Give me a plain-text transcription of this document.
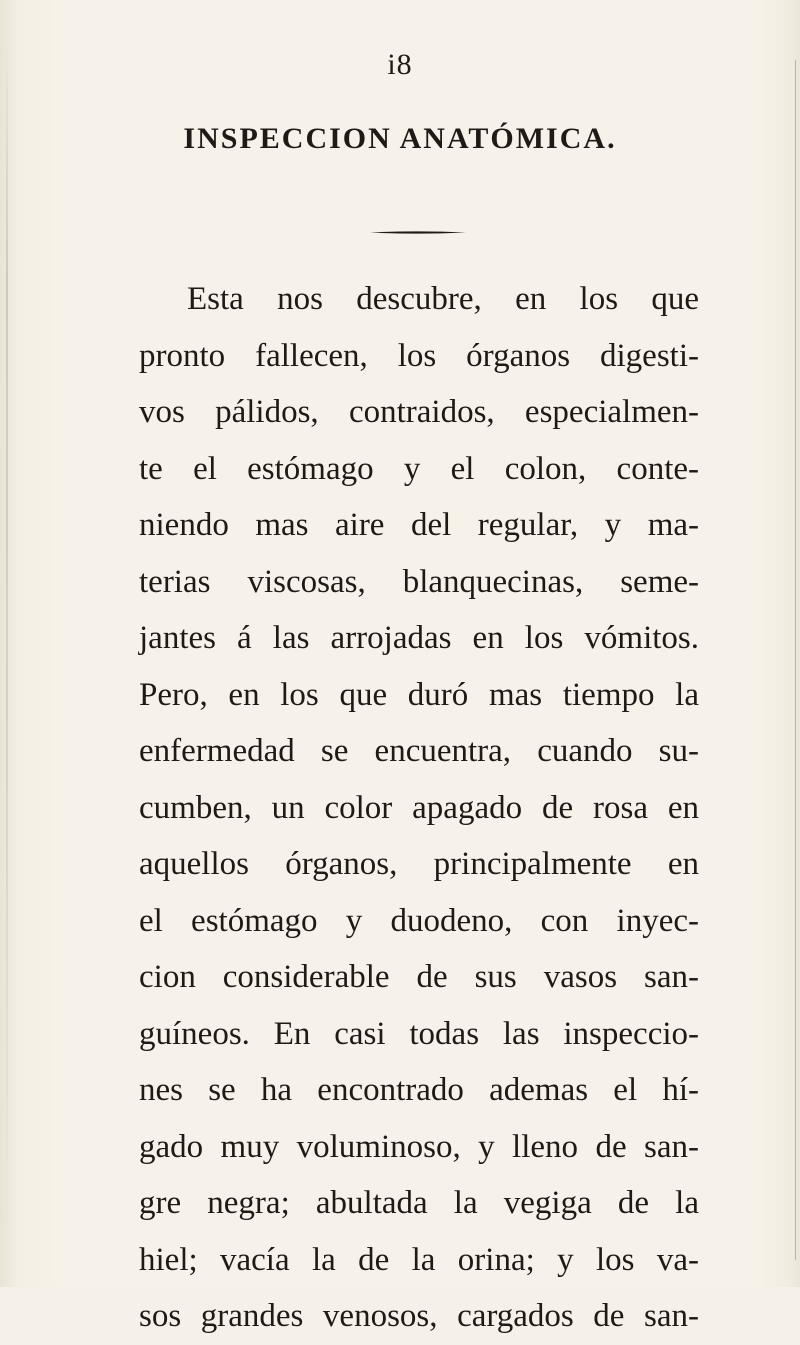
i8
INSPECCION ANATÓMICA.
Esta nos descubre, en los que
pronto fallecen, los órganos digesti-
vos pálidos, contraidos, especialmen-
te el estómago y el colon, conte-
niendo mas aire del regular, y ma-
terias viscosas, blanquecinas, seme-
jantes á las arrojadas en los vómitos.
Pero, en los que duró mas tiempo la
enfermedad se encuentra, cuando su-
cumben, un color apagado de rosa en
aquellos órganos, principalmente en
el estómago y duodeno, con inyec-
cion considerable de sus vasos san-
guíneos. En casi todas las inspeccio-
nes se ha encontrado ademas el hí-
gado muy voluminoso, y lleno de san-
gre negra; abultada la vegiga de la
hiel; vacía la de la orina; y los va-
sos grandes venosos, cargados de san-
